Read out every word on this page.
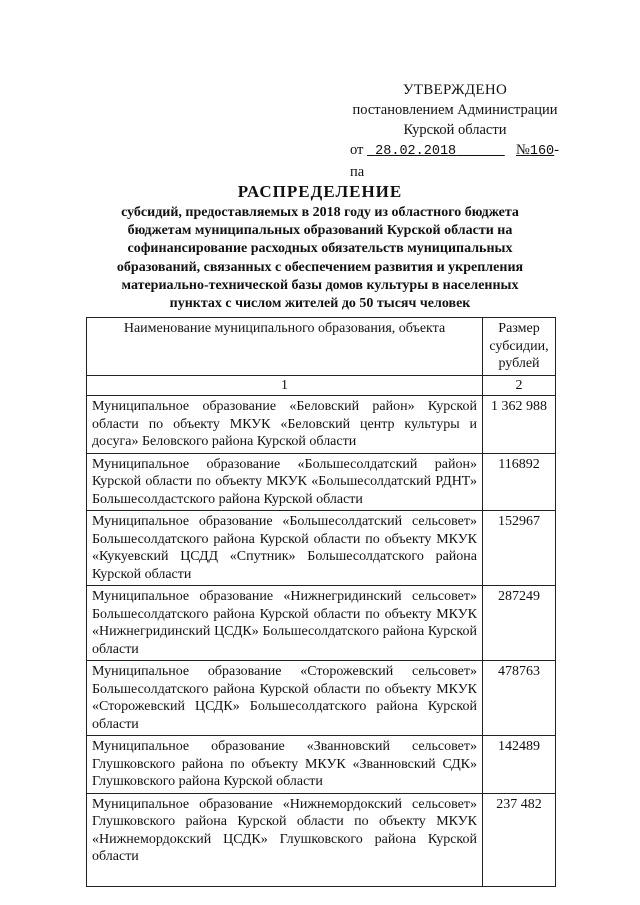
УТВЕРЖДЕНО
постановлением Администрации
Курской области
от 28.02.2018	№160-па
РАСПРЕДЕЛЕНИЕ
субсидий, предоставляемых в 2018 году из областного бюджета
бюджетам муниципальных образований Курской области на
софинансирование расходных обязательств муниципальных
образований, связанных с обеспечением развития и укрепления
материально-технической базы домов культуры в населенных
пунктах с числом жителей до 50 тысяч человек
Наименование муниципального образования, объекта	Размер субсидии, рублей
1	2
Муниципальное образование «Беловский район» Курской области по объекту МКУК «Беловский центр культуры и досуга» Беловского района Курской области	1 362 988
Муниципальное образование «Большесолдатский район» Курской области по объекту МКУК «Большесолдатский РДНТ» Большесолдастского района Курской области	116892
Муниципальное образование «Большесолдатский сельсовет» Большесолдатского района Курской области по объекту МКУК «Кукуевский ЦСДД «Спутник» Большесолдатского района Курской области	152967
Муниципальное образование «Нижнегридинский сельсовет» Большесолдатского района Курской области по объекту МКУК «Нижнегридинский ЦСДК» Большесолдатского района Курской области	287249
Муниципальное образование «Сторожевский сельсовет» Большесолдатского района Курской области по объекту МКУК «Сторожевский ЦСДК» Большесолдатского района Курской области	478763
Муниципальное образование «Званновский сельсовет» Глушковского района по объекту МКУК «Званновский СДК» Глушковского района Курской области	142489
Муниципальное образование «Нижнемордокский сельсовет» Глушковского района Курской области по объекту МКУК «Нижнемордокский ЦСДК» Глушковского района Курской области	237 482
